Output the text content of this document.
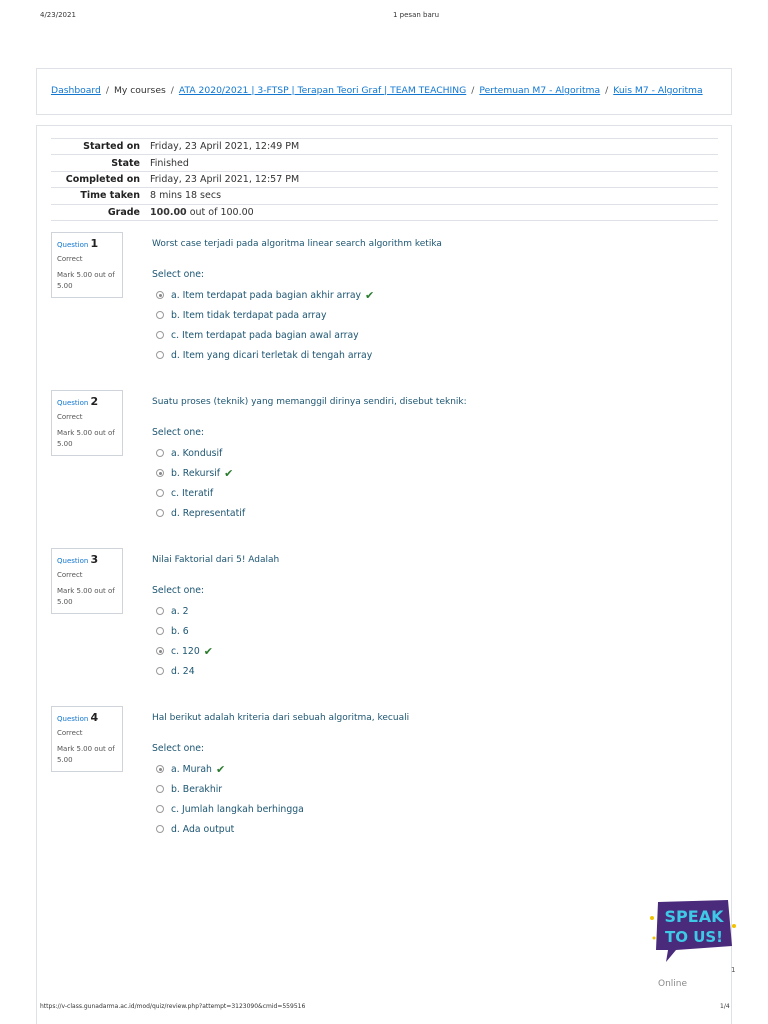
4/23/2021	1 pesan baru
Dashboard / My courses / ATA 2020/2021 | 3-FTSP | Terapan Teori Graf | TEAM TEACHING / Pertemuan M7 - Algoritma / Kuis M7 - Algoritma
Started on	Friday, 23 April 2021, 12:49 PM
State	Finished
Completed on	Friday, 23 April 2021, 12:57 PM
Time taken	8 mins 18 secs
Grade	100.00 out of 100.00
Question 1
Correct
Mark 5.00 out of 5.00
Worst case terjadi pada algoritma linear search algorithm ketika
Select one:
a. Item terdapat pada bagian akhir array ✔
b. Item tidak terdapat pada array
c. Item terdapat pada bagian awal array
d. Item yang dicari terletak di tengah array
Question 2
Correct
Mark 5.00 out of 5.00
Suatu proses (teknik) yang memanggil dirinya sendiri, disebut teknik:
Select one:
a. Kondusif
b. Rekursif ✔
c. Iteratif
d. Representatif
Question 3
Correct
Mark 5.00 out of 5.00
Nilai Faktorial dari 5! Adalah
Select one:
a. 2
b. 6
c. 120 ✔
d. 24
Question 4
Correct
Mark 5.00 out of 5.00
Hal berikut adalah kriteria dari sebuah algoritma, kecuali
Select one:
a. Murah ✔
b. Berakhir
c. Jumlah langkah berhingga
d. Ada output
SPEAK
TO US!
1
Online
https://v-class.gunadarma.ac.id/mod/quiz/review.php?attempt=3123090&cmid=559516	1/4
